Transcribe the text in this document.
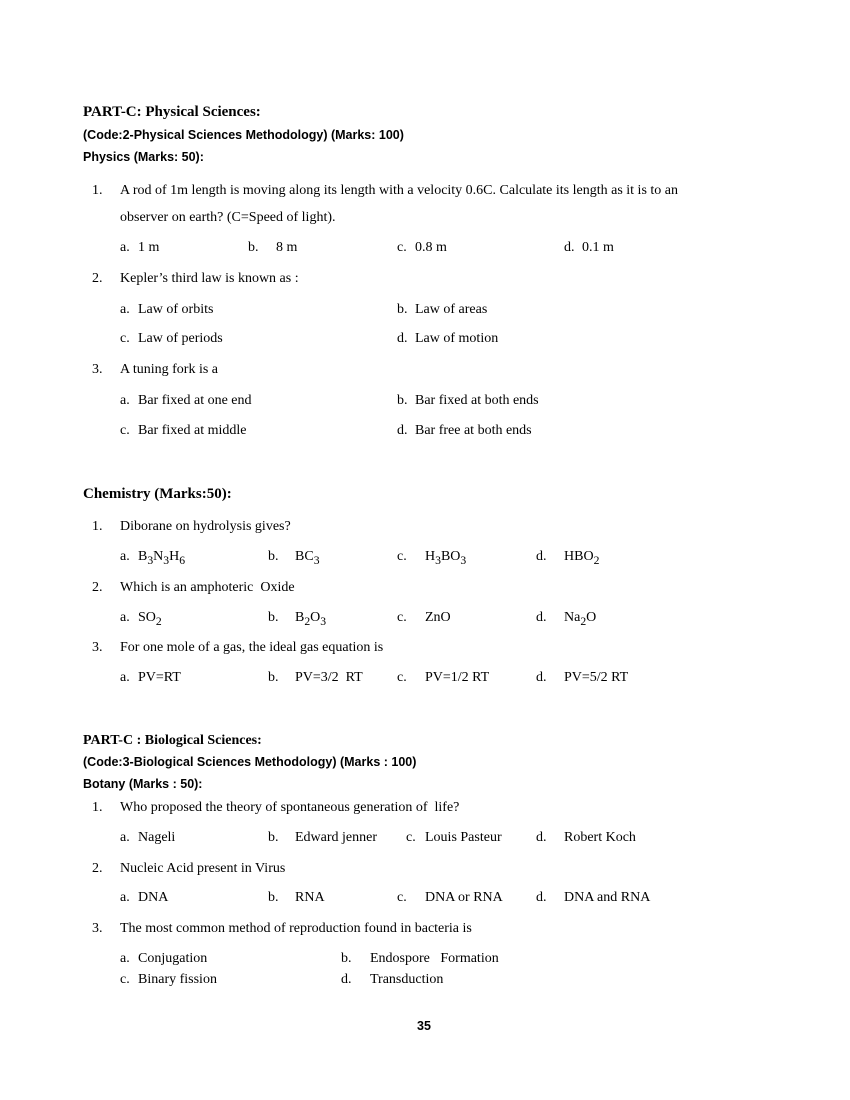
PART-C: Physical Sciences:
(Code:2-Physical Sciences Methodology) (Marks: 100)
Physics (Marks: 50):
1. A rod of 1m length is moving along its length with a velocity 0.6C. Calculate its length as it is to an
observer on earth? (C=Speed of light).
a. 1 m	b. 8 m	c. 0.8 m	d. 0.1 m
2. Kepler’s third law is known as :
a. Law of orbits	b. Law of areas
c. Law of periods	d. Law of motion
3. A tuning fork is a
a. Bar fixed at one end	b. Bar fixed at both ends
c. Bar fixed at middle	d. Bar free at both ends
Chemistry (Marks:50):
1. Diborane on hydrolysis gives?
a. $B_3N_3H_6$	b. $BC_3$	c. $H_3BO_3$	d. $HBO_2$
2. Which is an amphoteric  Oxide
a. $SO_2$	b. $B_2O_3$	c. ZnO	d. $Na_2O$
3. For one mole of a gas, the ideal gas equation is
a. PV=RT	b. PV=3/2  RT c. PV=1/2 RT	d. PV=5/2 RT
PART-C : Biological Sciences:
(Code:3-Biological Sciences Methodology) (Marks : 100)
Botany (Marks : 50):
1. Who proposed the theory of spontaneous generation of  life?
a. Nageli	b. Edward jenner c. Louis Pasteur d. Robert Koch
2. Nucleic Acid present in Virus
a. DNA	b. RNA	c. DNA or RNA d. DNA and RNA
3. The most common method of reproduction found in bacteria is
a. Conjugation	b. Endospore   Formation
c. Binary fission	d. Transduction
35
